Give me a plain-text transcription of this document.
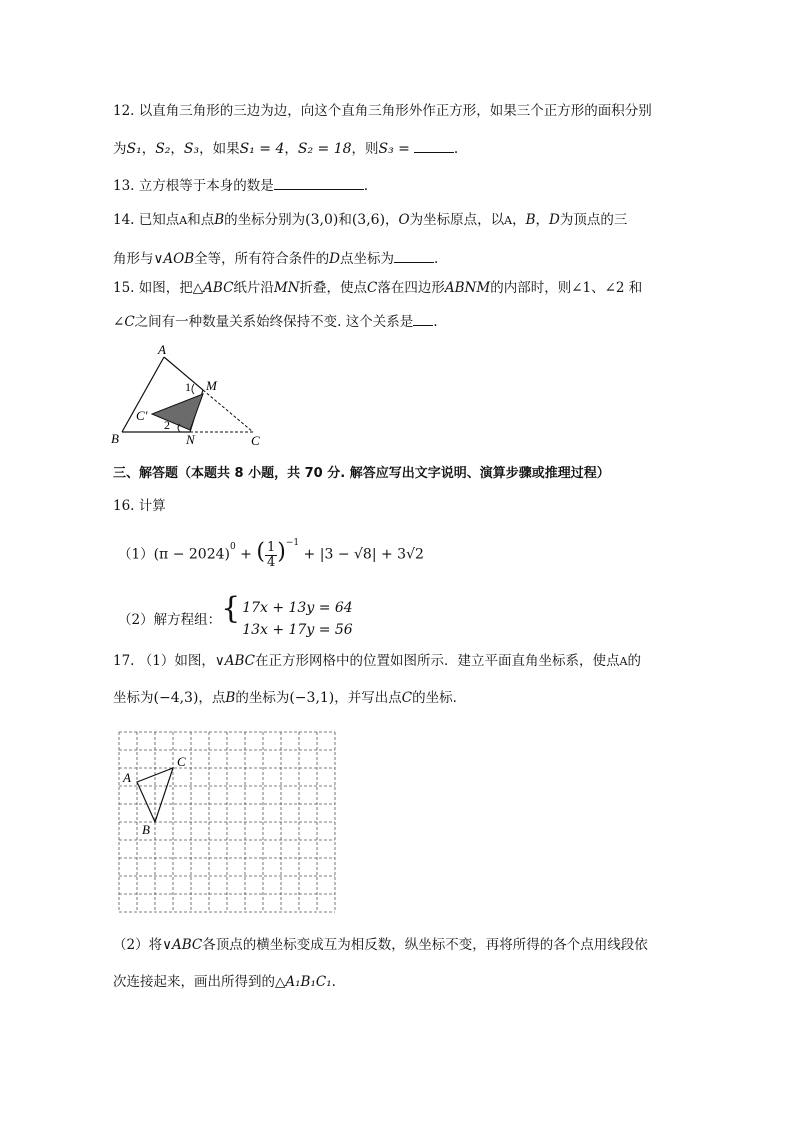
12. 以直角三角形的三边为边，向这个直角三角形外作正方形，如果三个正方形的面积分别
为S₁，S₂，S₃，如果S₁ = 4，S₂ = 18，则S₃ =	.
13. 立方根等于本身的数是	.
14. 已知点A和点B的坐标分别为(3,0)和(3,6)，O为坐标原点，以A，B，D为顶点的三
角形与∨AOB全等，所有符合条件的D点坐标为	.
15. 如图，把△ABC纸片沿MN折叠，使点C落在四边形ABNM的内部时，则∠1、∠2 和
∠C之间有一种数量关系始终保持不变. 这个关系是 .
A
B	C
M
N
C′
1
2
三、解答题（本题共 8 小题，共 70 分. 解答应写出文字说明、演算步骤或推理过程）
16. 计算
$(1)(\pi - 2024)^0$ + ( $\frac{1}{4} )^{-1} + |3 - √8| + 3√2$
（2）解方程组：{ 17x + 13y = 64
13x + 17y = 56
17. （1）如图，∨ABC在正方形网格中的位置如图所示．建立平面直角坐标系，使点A的
坐标为(−4,3)，点B的坐标为(−3,1)，并写出点C的坐标．
A
B
C
（2）将∨ABC各顶点的横坐标变成互为相反数，纵坐标不变，再将所得的各个点用线段依
次连接起来，画出所得到的△A₁B₁C₁.
